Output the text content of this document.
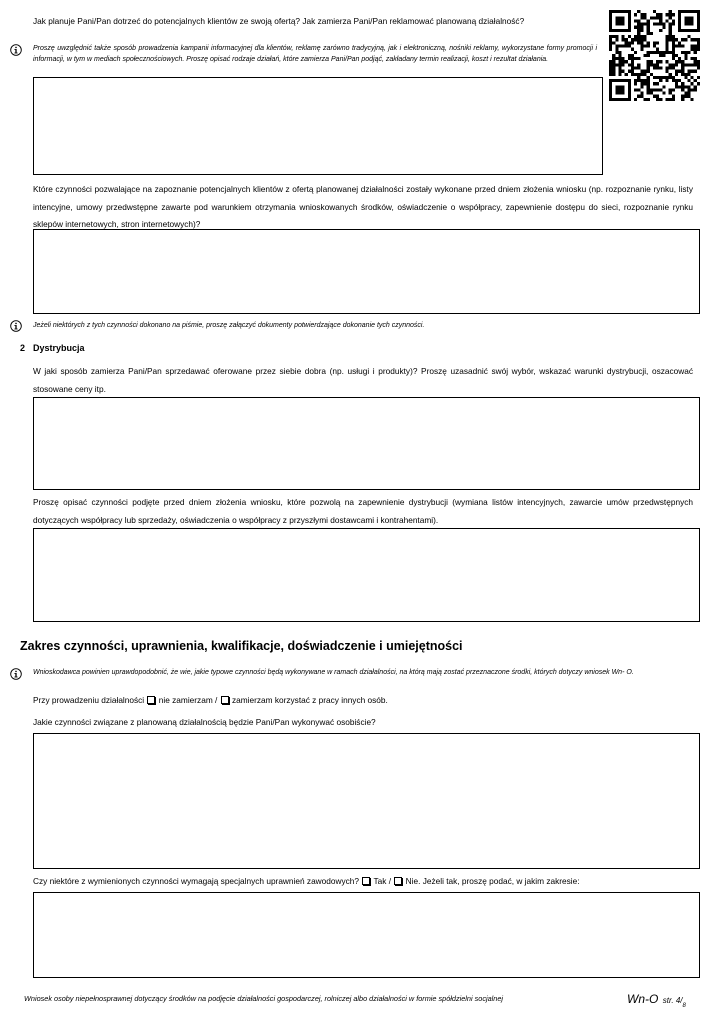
Jak planuje Pani/Pan dotrzeć do potencjalnych klientów ze swoją ofertą? Jak zamierza Pani/Pan reklamować planowaną działalność?
Proszę uwzględnić także sposób prowadzenia kampanii informacyjnej dla klientów, reklamę zarówno tradycyjną, jak i elektroniczną, nośniki reklamy, wykorzystane formy promocji i informacji, w tym w mediach społecznościowych. Proszę opisać rodzaje działań, które zamierza Pani/Pan podjąć, zakładany termin realizacji, koszt i rezultat działania.
Które czynności pozwalające na zapoznanie potencjalnych klientów z ofertą planowanej działalności zostały wykonane przed dniem złożenia wniosku (np. rozpoznanie rynku, listy intencyjne, umowy przedwstępne zawarte pod warunkiem otrzymania wnioskowanych środków, oświadczenie o współpracy, zapewnienie dostępu do sieci, rozpoznanie rynku sklepów internetowych, stron internetowych)?
Jeżeli niektórych z tych czynności dokonano na piśmie, proszę załączyć dokumenty potwierdzające dokonanie tych czynności.
2 Dystrybucja
W jaki sposób zamierza Pani/Pan sprzedawać oferowane przez siebie dobra (np. usługi i produkty)? Proszę uzasadnić swój wybór, wskazać warunki dystrybucji, oszacować stosowane ceny itp.
Proszę opisać czynności podjęte przed dniem złożenia wniosku, które pozwolą na zapewnienie dystrybucji (wymiana listów intencyjnych, zawarcie umów przedwstępnych dotyczących współpracy lub sprzedaży, oświadczenia o współpracy z przyszłymi dostawcami i kontrahentami).
Zakres czynności, uprawnienia, kwalifikacje, doświadczenie i umiejętności
Wnioskodawca powinien uprawdopodobnić, że wie, jakie typowe czynności będą wykonywane w ramach działalności, na którą mają zostać przeznaczone środki, których dotyczy wniosek Wn- O.
Przy prowadzeniu działalności nie zamierzam / zamierzam korzystać z pracy innych osób.
Jakie czynności związane z planowaną działalnością będzie Pani/Pan wykonywać osobiście?
Czy niektóre z wymienionych czynności wymagają specjalnych uprawnień zawodowych? Tak / Nie. Jeżeli tak, proszę podać, w jakim zakresie:
Wniosek osoby niepełnosprawnej dotyczący środków na podjęcie działalności gospodarczej, rolniczej albo działalności w formie spółdzielni socjalnej	Wn-O str. $4/_8$
